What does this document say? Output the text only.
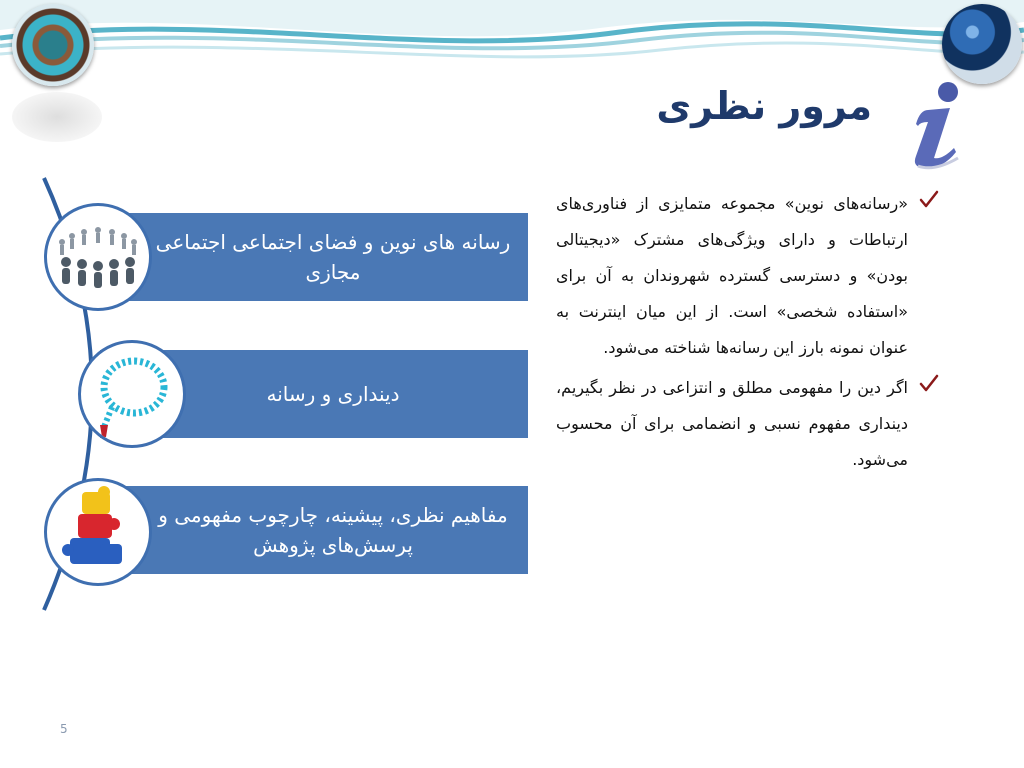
مرور نظری
رسانه های نوین و فضای اجتماعی اجتماعی مجازی
دینداری و رسانه
مفاهیم نظری، پیشینه، چارچوب مفهومی و پرسش‌های پژوهش
«رسانه‌های نوین» مجموعه متمایزی از فناوری‌های ارتباطات و دارای ویژگی‌های مشترک «دیجیتالی بودن» و دسترسی گسترده شهروندان به آن برای «استفاده شخصی» است. از این میان اینترنت به عنوان نمونه بارز این رسانه‌ها شناخته می‌شود.
اگر دین را مفهومی مطلق و انتزاعی در نظر بگیریم، دینداری مفهوم نسبی و انضمامی برای آن محسوب می‌شود.
5
